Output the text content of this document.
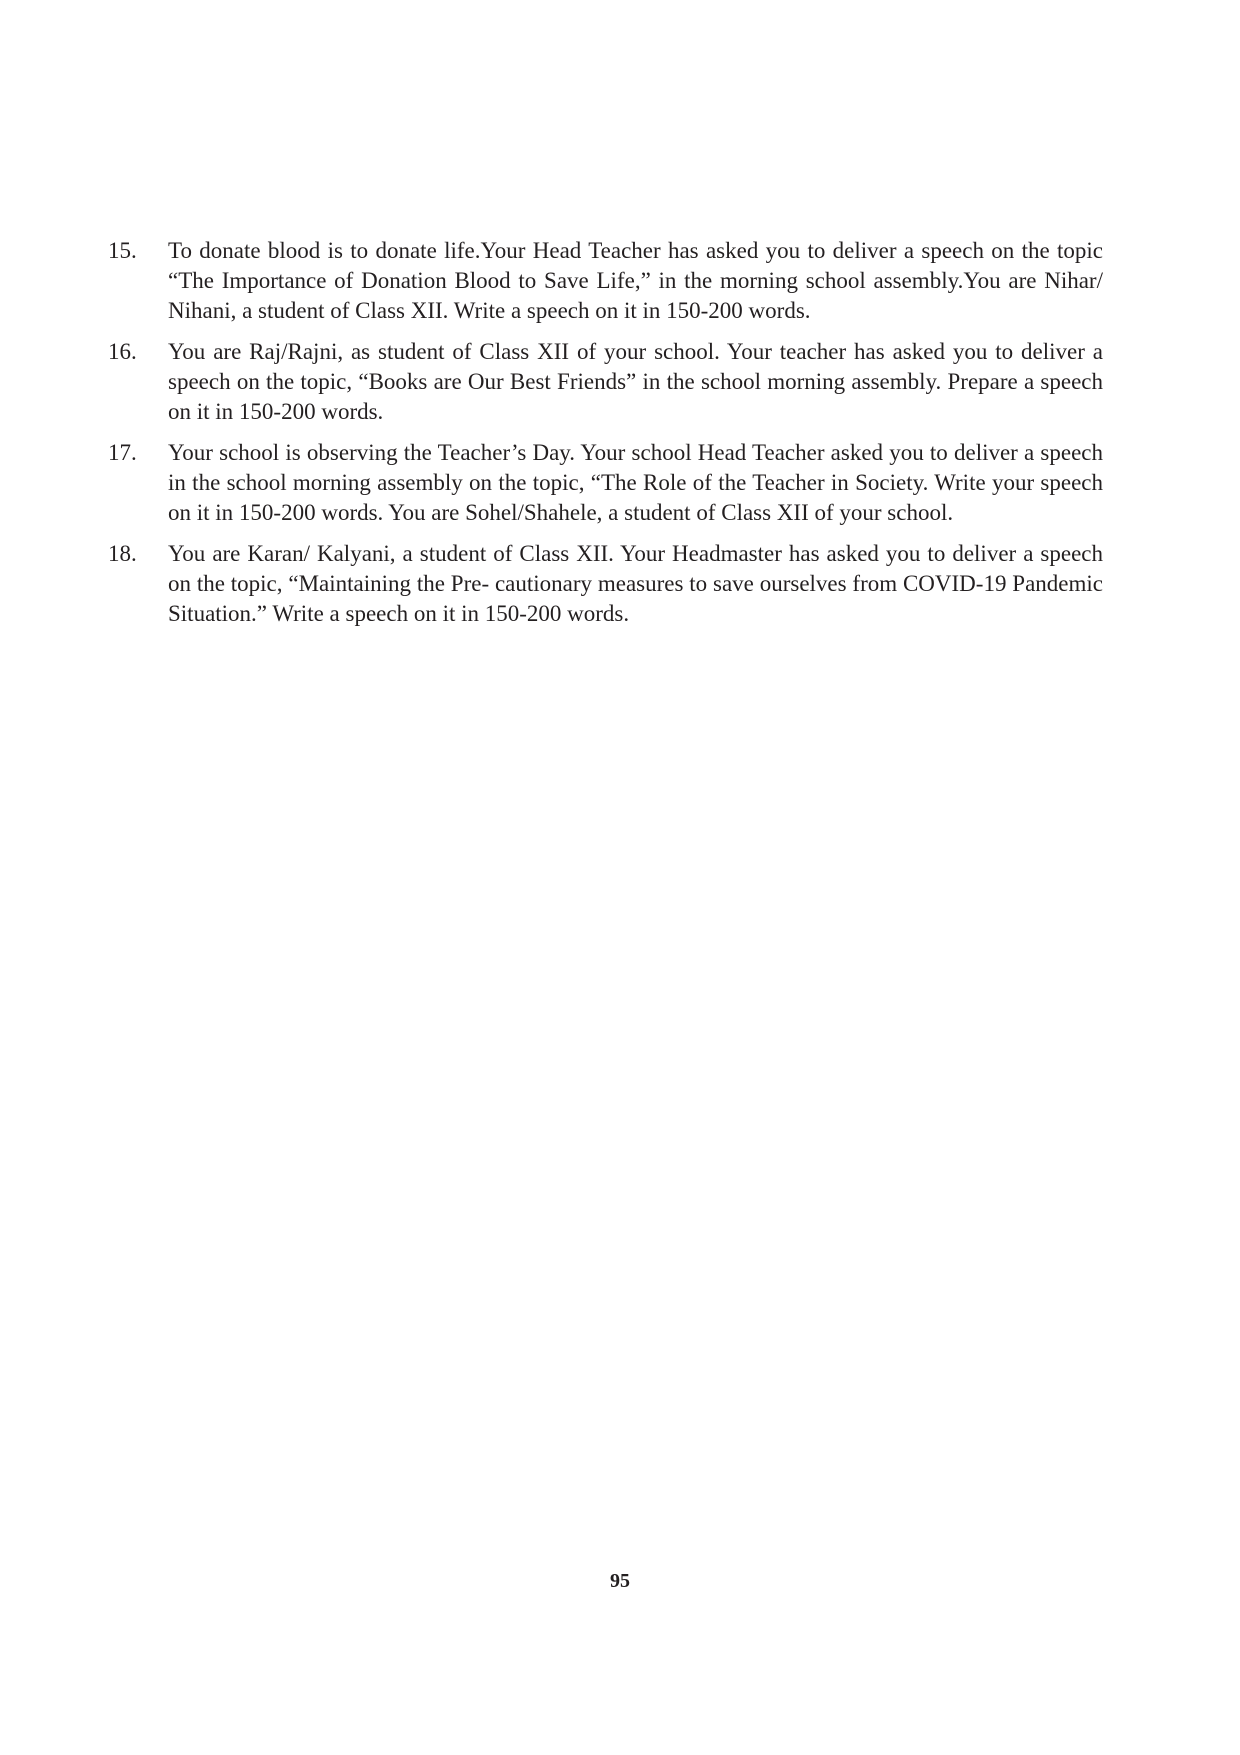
15.	To donate blood is to donate life.Your Head Teacher has asked you to deliver a speech on the topic “The Importance of Donation Blood to Save Life,” in the morning school assembly.You are Nihar/ Nihani, a student of Class XII. Write a speech on it in 150-200 words.
16.	You are Raj/Rajni, as student of Class XII of your school. Your teacher has asked you to deliver a speech on the topic, “Books are Our Best Friends” in the school morning assembly. Prepare a speech on it in 150-200 words.
17.	Your school is observing the Teacher’s Day. Your school Head Teacher asked you to deliver a speech in the school morning assembly on the topic, “The Role of the Teacher in Society. Write your speech on it in 150-200 words. You are Sohel/Shahele, a student of Class XII of your school.
18.	You are Karan/ Kalyani, a student of Class XII. Your Headmaster has asked you to deliver a speech on the topic, “Maintaining the Pre- cautionary measures to save ourselves from COVID-19 Pandemic Situation.” Write a speech on it in 150-200 words.
95
